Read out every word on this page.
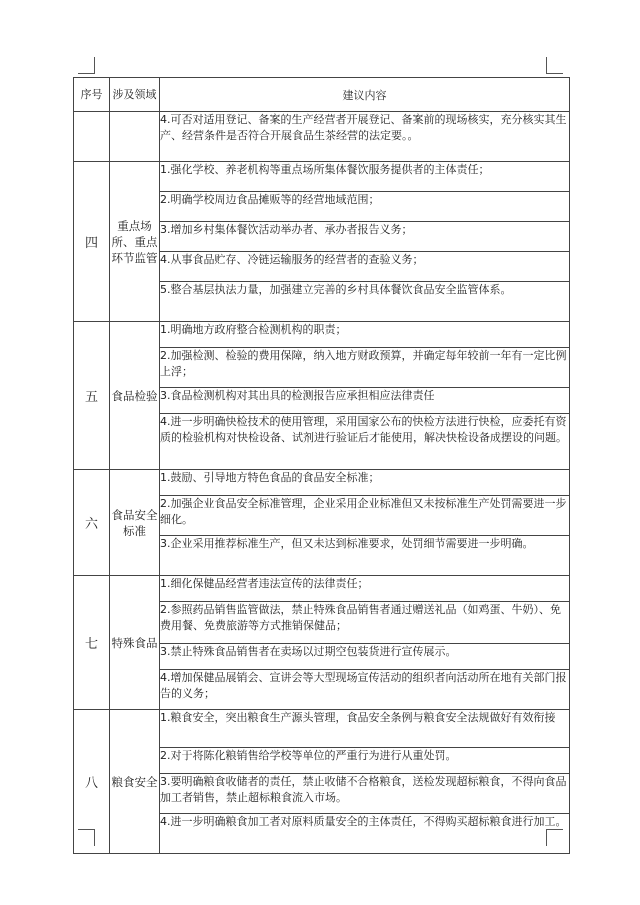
序号	涉及领域	建议内容
		4.可否对适用登记、备案的生产经营者开展登记、备案前的现场核实，充分核实其生产、经营条件是否符合开展食品生茶经营的法定要。。
四	重点场所、重点环节监管	1.强化学校、养老机构等重点场所集体餐饮服务提供者的主体责任；
		2.明确学校周边食品摊贩等的经营地域范围；
		3.增加乡村集体餐饮活动举办者、承办者报告义务；
		4.从事食品贮存、冷链运输服务的经营者的查验义务；
		5.整合基层执法力量，加强建立完善的乡村具体餐饮食品安全监管体系。
五	食品检验	1.明确地方政府整合检测机构的职责；
		2.加强检测、检验的费用保障，纳入地方财政预算，并确定每年较前一年有一定比例上浮；
		3.食品检测机构对其出具的检测报告应承担相应法律责任
		4.进一步明确快检技术的使用管理，采用国家公布的快检方法进行快检，应委托有资质的检验机构对快检设备、试剂进行验证后才能使用，解决快检设备成摆设的问题。
六	食品安全标准	1.鼓励、引导地方特色食品的食品安全标准；
		2.加强企业食品安全标准管理，企业采用企业标准但又未按标准生产处罚需要进一步细化。
		3.企业采用推荐标准生产，但又未达到标准要求，处罚细节需要进一步明确。
七	特殊食品	1.细化保健品经营者违法宣传的法律责任；
		2.参照药品销售监管做法，禁止特殊食品销售者通过赠送礼品（如鸡蛋、牛奶）、免费用餐、免费旅游等方式推销保健品；
		3.禁止特殊食品销售者在卖场以过期空包装货进行宣传展示。
		4.增加保健品展销会、宣讲会等大型现场宣传活动的组织者向活动所在地有关部门报告的义务；
八	粮食安全	1.粮食安全，突出粮食生产源头管理，食品安全条例与粮食安全法规做好有效衔接
		2.对于将陈化粮销售给学校等单位的严重行为进行从重处罚。
		3.要明确粮食收储者的责任，禁止收储不合格粮食，送检发现超标粮食，不得向食品加工者销售，禁止超标粮食流入市场。
		4.进一步明确粮食加工者对原料质量安全的主体责任，不得购买超标粮食进行加工。
